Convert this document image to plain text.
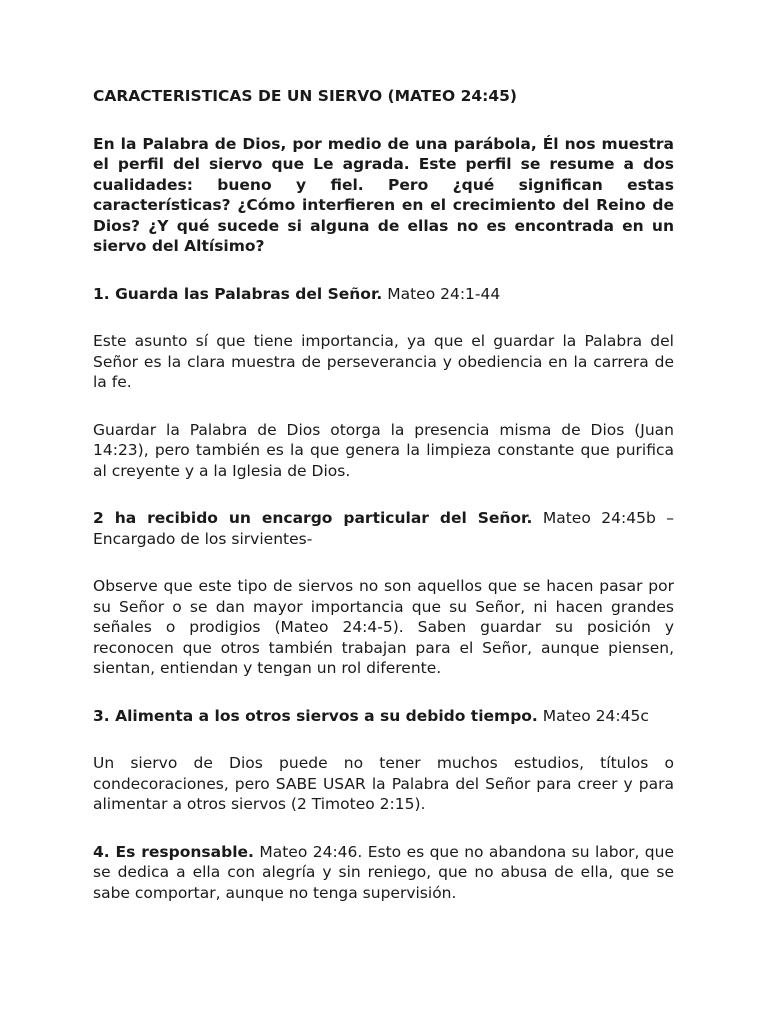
CARACTERISTICAS DE UN SIERVO (MATEO 24:45)
En la Palabra de Dios, por medio de una parábola, Él nos muestra el perfil del siervo que Le agrada. Este perfil se resume a dos cualidades: bueno y fiel. Pero ¿qué significan estas características? ¿Cómo interfieren en el crecimiento del Reino de Dios? ¿Y qué sucede si alguna de ellas no es encontrada en un siervo del Altísimo?

1. Guarda las Palabras del Señor. Mateo 24:1-44

Este asunto sí que tiene importancia, ya que el guardar la Palabra del Señor es la clara muestra de perseverancia y obediencia en la carrera de la fe.

Guardar la Palabra de Dios otorga la presencia misma de Dios (Juan 14:23), pero también es la que genera la limpieza constante que purifica al creyente y a la Iglesia de Dios.

2 ha recibido un encargo particular del Señor. Mateo 24:45b – Encargado de los sirvientes-

Observe que este tipo de siervos no son aquellos que se hacen pasar por su Señor o se dan mayor importancia que su Señor, ni hacen grandes señales o prodigios (Mateo 24:4-5). Saben guardar su posición y reconocen que otros también trabajan para el Señor, aunque piensen, sientan, entiendan y tengan un rol diferente.

3. Alimenta a los otros siervos a su debido tiempo. Mateo 24:45c

Un siervo de Dios puede no tener muchos estudios, títulos o condecoraciones, pero SABE USAR la Palabra del Señor para creer y para alimentar a otros siervos (2 Timoteo 2:15).

4. Es responsable. Mateo 24:46. Esto es que no abandona su labor, que se dedica a ella con alegría y sin reniego, que no abusa de ella, que se sabe comportar, aunque no tenga supervisión.
